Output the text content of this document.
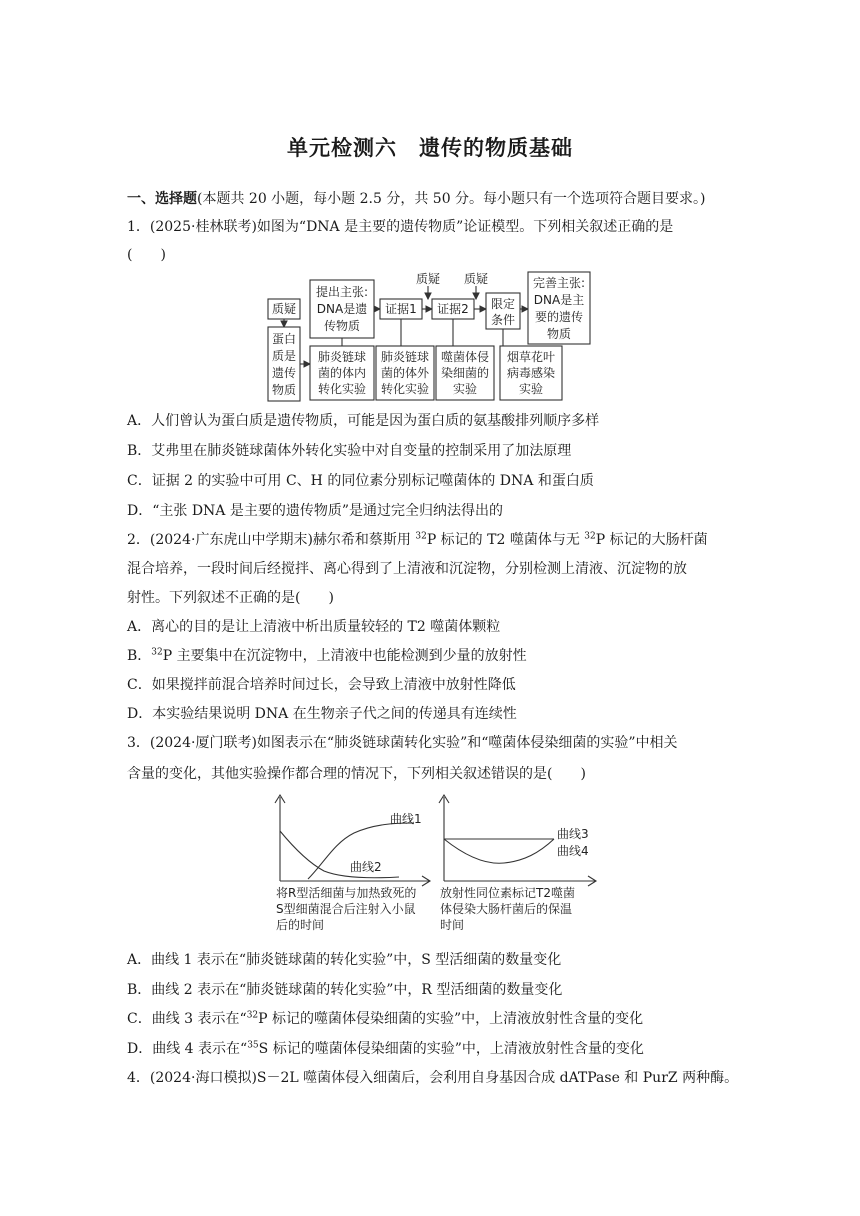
单元检测六　遗传的物质基础
一、选择题(本题共 20 小题，每小题 2.5 分，共 50 分。每小题只有一个选项符合题目要求。)
1．(2025·桂林联考)如图为“DNA 是主要的遗传物质”论证模型。下列相关叙述正确的是
(　　)
质疑
蛋白
质是
遗传
物质
提出主张:
DNA是遗
传物质
证据1 证据2
质疑 质疑
限定
条件
完善主张:
DNA是主
要的遗传
物质
肺炎链球
菌的体内
转化实验
肺炎链球
菌的体外
转化实验
噬菌体侵
染细菌的
实验
烟草花叶
病毒感染
实验
A．人们曾认为蛋白质是遗传物质，可能是因为蛋白质的氨基酸排列顺序多样
B．艾弗里在肺炎链球菌体外转化实验中对自变量的控制采用了加法原理
C．证据 2 的实验中可用 C、H 的同位素分别标记噬菌体的 DNA 和蛋白质
D．“主张 DNA 是主要的遗传物质”是通过完全归纳法得出的
2．(2024·广东虎山中学期末)赫尔希和蔡斯用 $^{32}$P 标记的 T2 噬菌体与无 $^{32}$P 标记的大肠杆菌
混合培养，一段时间后经搅拌、离心得到了上清液和沉淀物，分别检测上清液、沉淀物的放
射性。下列叙述不正确的是(　　)
A．离心的目的是让上清液中析出质量较轻的 T2 噬菌体颗粒
B．$^{32}$P 主要集中在沉淀物中，上清液中也能检测到少量的放射性
C．如果搅拌前混合培养时间过长，会导致上清液中放射性降低
D．本实验结果说明 DNA 在生物亲子代之间的传递具有连续性
3．(2024·厦门联考)如图表示在“肺炎链球菌转化实验”和“噬菌体侵染细菌的实验”中相关
含量的变化，其他实验操作都合理的情况下，下列相关叙述错误的是(　　)
曲线1
曲线2
将R型活细菌与加热致死的
S型细菌混合后注射入小鼠
后的时间
曲线3
曲线4
放射性同位素标记T2噬菌
体侵染大肠杆菌后的保温
时间
A．曲线 1 表示在“肺炎链球菌的转化实验”中，S 型活细菌的数量变化
B．曲线 2 表示在“肺炎链球菌的转化实验”中，R 型活细菌的数量变化
C．曲线 3 表示在“$^{32}$P 标记的噬菌体侵染细菌的实验”中，上清液放射性含量的变化
D．曲线 4 表示在“$^{35}$S 标记的噬菌体侵染细菌的实验”中，上清液放射性含量的变化
4．(2024·海口模拟)S－2L 噬菌体侵入细菌后，会利用自身基因合成 dATPase 和 PurZ 两种酶。
